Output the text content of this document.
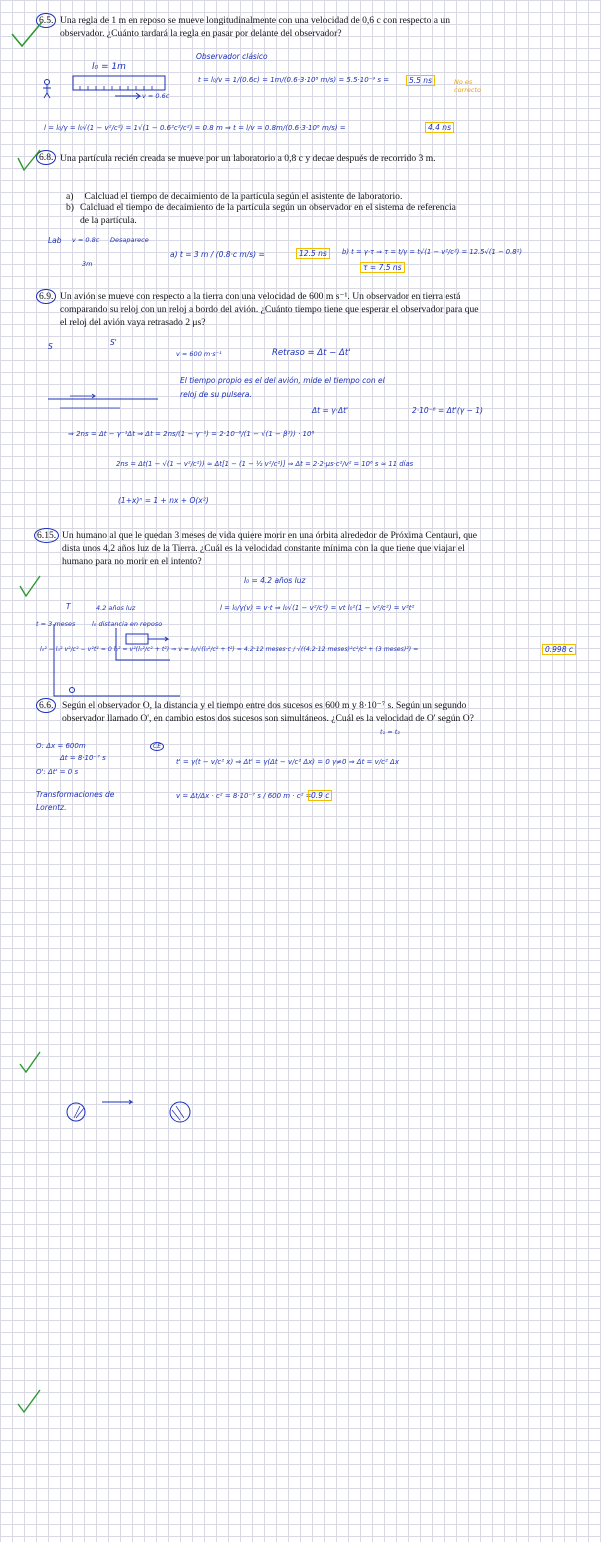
6.5. Una regla de 1 m en reposo se mueve longitudinalmente con una velocidad de 0,6 c con respecto a un observador. ¿Cuánto tardará la regla en pasar por delante del observador?
l₀ = 1m
v = 0.6c
Observador clásico
t = l₀/v = 1/(0.6c) = 1m/(0.6·3·10⁸ m/s) = 5.5·10⁻⁹ s =	5.5 ns	No es correcto
l = l₀/γ = l₀√(1 − v²/c²) = 1√(1 − 0.6²c²/c²) = 0.8 m ⇒ t = l/v = 0.8m/(0.6·3·10⁸ m/s) =	4.4 ns
6.8. Una partícula recién creada se mueve por un laboratorio a 0,8 c y decae después de recorrido 3 m.
a) Calcluad el tiempo de decaimiento de la partícula según el asistente de laboratorio.
b) Calcluad el tiempo de decaimiento de la partícula según un observador en el sistema de referencia de la partícula.
Lab v = 0.8c Desaparece
3m
a) t = 3 m / (0.8·c m/s) =	12.5 ns	b) t = γ·τ ⇒ τ = t/γ = t√(1 − v²/c²) = 12.5√(1 − 0.8²)
τ = 7.5 ns
6.9. Un avión se mueve con respecto a la tierra con una velocidad de 600 m s⁻¹. Un observador en tierra está comparando su reloj con un reloj a bordo del avión. ¿Cuánto tiempo tiene que esperar el observador para que el reloj del avión vaya retrasado 2 μs?
S	S'
v = 600 m·s⁻¹	Retraso = Δt − Δt'
El tiempo propio es el del avión, mide el tiempo con el
reloj de su pulsera.
Δt = γ·Δt'	2·10⁻⁶ = Δt'(γ − 1)
⇒ 2ns = Δt − γ⁻¹Δt ⇒ Δt = 2ns/(1 − γ⁻¹) = 2·10⁻⁶/(1 − √(1 − β²)) · 10⁶
2ns = Δt(1 − √(1 − v²/c²)) ≈ Δt[1 − (1 − ½ v²/c²)] ⇒ Δt = 2·2·μs·c²/v² = 10⁶ s ≈ 11 días
(1+x)ⁿ = 1 + nx + O(x²)
6.15. Un humano al que le quedan 3 meses de vida quiere morir en una órbita alrededor de Próxima Centauri, que dista unos 4,2 años luz de la Tierra. ¿Cuál es la velocidad constante mínima con la que tiene que viajar el humano para no morir en el intento?
T
l₀ = 4.2 años luz
4.2 años luz
t = 3 meses	l₀ distancia en reposo
l = l₀/γ(v) = v·t ⇒ l₀√(1 − v²/c²) = vt l₀²(1 − v²/c²) = v²t²
l₀² − l₀² v²/c² − v²t² = 0 l₀² = v²(l₀²/c² + t²) ⇒ v = l₀/√(l₀²/c² + t²) = 4.2·12 meses·c / √((4.2·12 meses)²c²/c² + (3 meses)²) =	0.998 c
6.6. Según el observador O, la distancia y el tiempo entre dos sucesos es 600 m y 8·10⁻⁷ s. Según un segundo observador llamado O', en cambio estos dos sucesos son simultáneos. ¿Cuál es la velocidad de O' según O?
t₁ = t₂
O: Δx = 600m
Δt = 8·10⁻⁷ s
O': Δt' = 0 s
Transformaciones de Lorentz.
CE
t' = γ(t − v/c² x) ⇒ Δt' = γ(Δt − v/c² Δx) = 0 γ≠0 ⇒ Δt = v/c² Δx
v = Δt/Δx · c² = 8·10⁻⁷ s / 600 m · c² = 0.9 c
